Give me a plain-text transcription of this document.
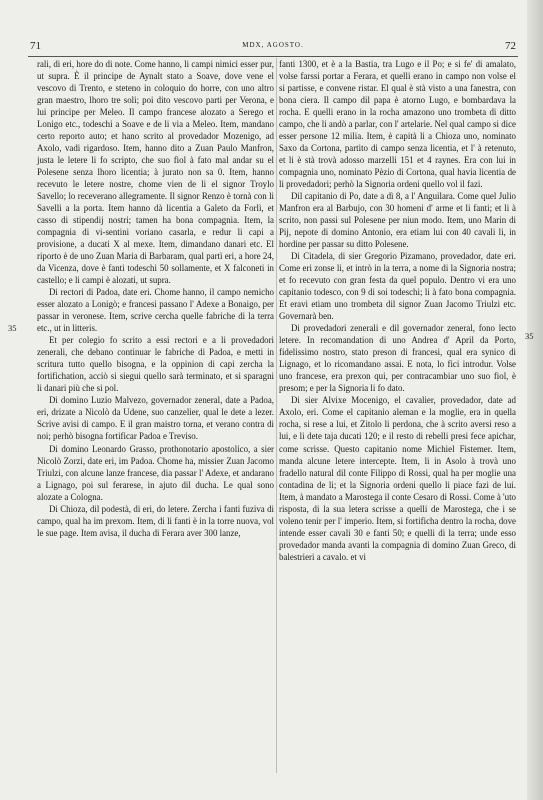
71	MDX, AGOSTO.	72
35
35

rali, di eri, hore do di note. Come hanno, li campi nimici esser pur, ut supra. È il principe de Aynalt stato a Soave, dove vene el vescovo di Trento, e steteno in coloquio do horre, con uno altro gran maestro, lhoro tre soli; poi dito vescovo parti per Verona, e lui principe per Meleo. Il campo francese alozato a Serego et Lonigo etc., todeschi a Soave e de li via a Meleo. Item, mandano certo reporto auto; et hano scrito al provedador Mozenigo, ad Axolo, vadi rigardoso. Item, hanno dito a Zuan Paulo Manfron, justa le letere li fo scripto, che suo fiol à fato mal andar su el Polesene senza lhoro licentia; à jurato non sa 0. Item, hanno recevuto le letere nostre, chome vien de li el signor Troylo Savello; lo receverano allegramente. Il signor Renzo è tornà con li Savelli a la porta. Item hanno dà licentia a Galeto da Forlì, et casso di stipendij nostri; tamen ha bona compagnia. Item, la compagnia di vi-sentini voriano casarla, e redur li capi a provisione, a ducati X al mexe. Item, dimandano danari etc. El riporto è de uno Zuan Maria di Barbaram, qual partì eri, a hore 24, da Vicenza, dove è fanti todeschi 50 sollamente, et X falconeti in castello; e li campi è alozati, ut supra.

Di rectori di Padoa, date eri. Chome hanno, il campo nemicho esser alozato a Lonigò; e francesi passano l' Adexe a Bonaigo, per passar in veronese. Item, scrive cercha quelle fabriche di la terra etc., ut in litteris.

Et per colegio fo scrito a essi rectori e a li provedadori zenerali, che debano continuar le fabriche di Padoa, e metti in scritura tutto quello bisogna, e la oppinion di capi zercha la fortifichation, acciò si siegui quello sarà terminato, et si sparagni li danari più che si pol.

Di domino Luzio Malvezo, governador zeneral, date a Padoa, eri, drizate a Nicolò da Udene, suo canzelier, qual le dete a lezer. Scrive avisi di campo. E il gran maistro torna, et verano contra di noi; perhò bisogna fortificar Padoa e Treviso.

Di domino Leonardo Grasso, prothonotario apostolico, a sier Nicolò Zorzi, date eri, im Padoa. Chome ha, missier Zuan Jacomo Triulzi, con alcune lanze francese, dia passar l' Adexe, et andarano a Lignago, poi sul ferarese, in ajuto dil ducha. Le qual sono alozate a Cologna.

Di Chioza, dil podestà, di eri, do letere. Zercha i fanti fuziva di campo, qual ha im prexom. Item, di li fanti è in la torre nuova, vol le sue page. Item avisa, il ducha di Ferara aver 300 lanze,

fanti 1300, et è a la Bastia, tra Lugo e il Po; e si fe' di amalato, volse farssi portar a Ferara, et quelli erano in campo non volse el si partisse, e convene ristar. El qual è stà visto a una fanestra, con bona ciera. Il campo dil papa è atorno Lugo, e bombardava la rocha. E quelli erano in la rocha amazono uno trombeta di ditto campo, che li andò a parlar, con l' artelarie. Nel qual campo si dice esser persone 12 milia. Item, è capità li a Chioza uno, nominato Saxo da Cortona, partito di campo senza licentia, et l' à retenuto, et li è stà trovà adosso marzelli 151 et 4 raynes. Era con lui in compagnia uno, nominato Pèzio di Cortona, qual havia licentia de li provedadori; perhò la Signoria ordeni quello vol il fazi.

Dil capitanio di Po, date a dì 8, a l' Anguilara. Come quel Julio Manfron era al Barbujo, con 30 homeni d' arme et li fanti; et li à scrito, non passi sul Polesene per niun modo. Item, uno Marin di Pij, nepote di domino Antonio, era etiam lui con 40 cavali li, in hordine per passar su ditto Polesene.

Di Citadela, di sier Gregorio Pizamano, provedador, date eri. Come eri zonse li, et intrò in la terra, a nome di la Signoria nostra; et fo recevuto con gran festa da quel populo. Dentro vi era uno capitanio todesco, con 9 di soi todeschi; li à fato bona compagnia. Et eravi etiam uno trombeta dil signor Zuan Jacomo Triulzi etc. Governarà ben.

Di provedadori zenerali e dil governador zeneral, fono lecto letere. In recomandation di uno Andrea d' April da Porto, fidelissimo nostro, stato preson di francesi, qual era synico di Lignago, et lo ricomandano assai. E nota, lo fici introdur. Volse uno francese, era prexon qui, per contracambiar uno suo fiol, è presom; e per la Signoria li fo dato.

Di sier Alvixe Mocenigo, el cavalier, provedador, date ad Axolo, eri. Come el capitanio aleman e la moglie, era in quella rocha, si rese a lui, et Zitolo li perdona, che à scrito aversi reso a lui, e li dete taja ducati 120; e il resto di rebelli presi fece apichar, come scrisse. Questo capitanio nome Michiel Fistemer. Item, manda alcune letere intercepte. Item, li in Asolo à trovà uno fradello natural dil conte Filippo di Rossi, qual ha per moglie una contadina de li; et la Signoria ordeni quello li piace fazi de lui. Item, à mandato a Marostega il conte Cesaro di Rossi. Come à 'uto risposta, di la sua letera scrisse a quelli de Marostega, che i se voleno tenir per l' imperio. Item, si fortificha dentro la rocha, dove intende esser cavali 30 e fanti 50; e quelli di la terra; unde esso provedador manda avanti la compagnia di domino Zuan Greco, di balestrieri a cavalo. et vi
